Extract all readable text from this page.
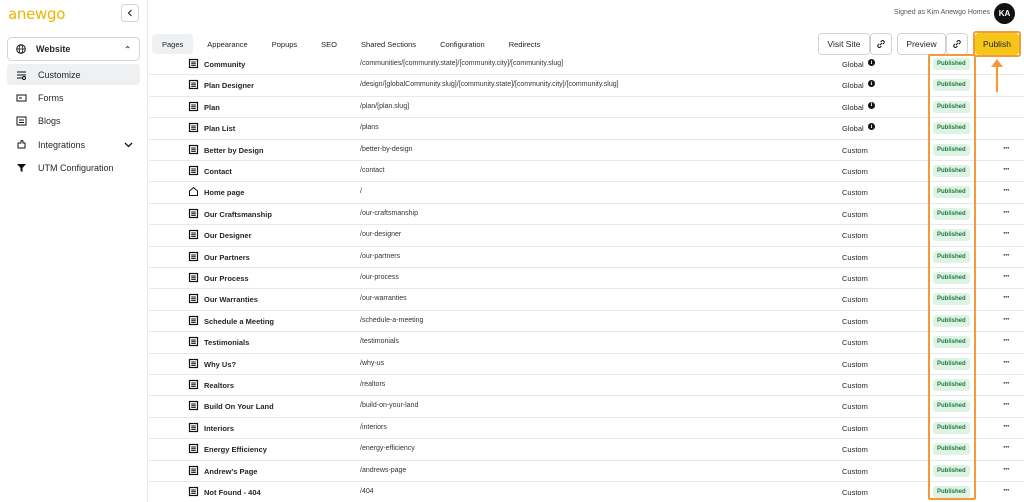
anewgo
Website	⌃

Customize
Forms
Blogs
Integrations
UTM Configuration
Signed as Kim Anewgo Homes	KA
Pages	Appearance	Popups	SEO	Shared Sections	Configuration	Redirects	Visit Site	Preview	Publish
Community	/communities/[community.state]/[community.city]/[community.slug]	Global	i	Published
Plan Designer	/design/[globalCommunity.slug]/[community.state]/[community.city]/[community.slug]	Global	i	Published
Plan	/plan/[plan.slug]	Global	i	Published
Plan List	/plans	Global	i	Published
Better by Design	/better-by-design	Custom	Published	···
Contact	/contact	Custom	Published	···
Home page	/	Custom	Published	···
Our Craftsmanship	/our-craftsmanship	Custom	Published	···
Our Designer	/our-designer	Custom	Published	···
Our Partners	/our-partners	Custom	Published	···
Our Process	/our-process	Custom	Published	···
Our Warranties	/our-warranties	Custom	Published	···
Schedule a Meeting	/schedule-a-meeting	Custom	Published	···
Testimonials	/testimonials	Custom	Published	···
Why Us?	/why-us	Custom	Published	···
Realtors	/realtors	Custom	Published	···
Build On Your Land	/build-on-your-land	Custom	Published	···
Interiors	/interiors	Custom	Published	···
Energy Efficiency	/energy-efficiency	Custom	Published	···
Andrew's Page	/andrews-page	Custom	Published	···
Not Found - 404	/404	Custom	Published	···
